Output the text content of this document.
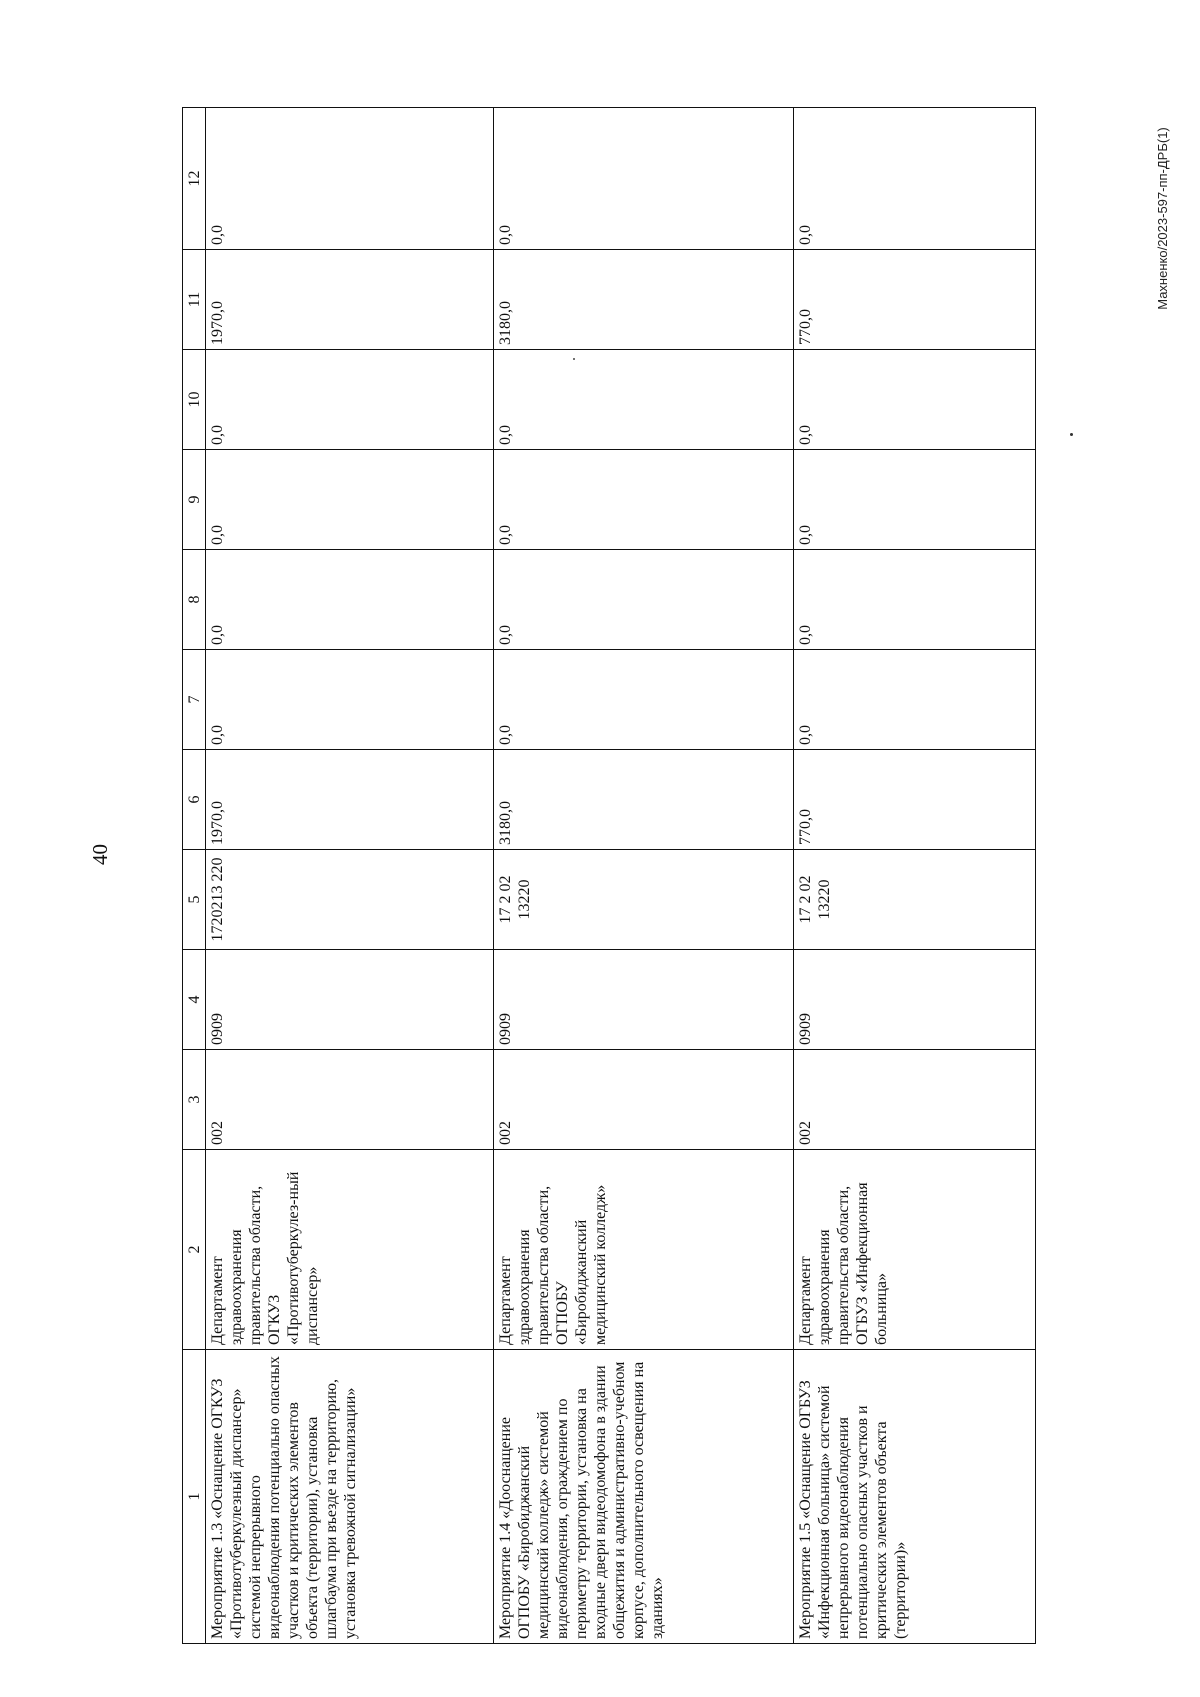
40
Махненко/2023-597-пп-ДРБ(1)
1	2	3	4	5	6	7	8	9	10	11	12
Мероприятие 1.3 «Оснащение ОГКУЗ «Противотуберкулезный диспансер» системой непрерывного видеонаблюдения потенциально опасных участков и критических элементов объекта (территории), установка шлагбаума при въезде на территорию, установка тревожной сигнализации»	Департамент здравоохранения правительства области, ОГКУЗ «Противотуберкулез-ный диспансер»	002	0909	1720213 220	1970,0	0,0	0,0	0,0	0,0	1970,0	0,0
Мероприятие 1.4 «Дооснащение ОГПОБУ «Биробиджанский медицинский колледж» системой видеонаблюдения, ограждением по периметру территории, установка на входные двери видеодомофона в здании общежития и административно-учебном корпусе, дополнительного освещения на зданиях»	Департамент здравоохранения правительства области, ОГПОБУ «Биробиджанский медицинский колледж»	002	0909	17 2 02 13220	3180,0	0,0	0,0	0,0	0,0	3180,0	0,0
Мероприятие 1.5 «Оснащение ОГБУЗ «Инфекционная больница» системой непрерывного видеонаблюдения потенциально опасных участков и критических элементов объекта (территории)»	Департамент здравоохранения правительства области, ОГБУЗ «Инфекционная больница»	002	0909	17 2 02 13220	770,0	0,0	0,0	0,0	0,0	770,0	0,0
